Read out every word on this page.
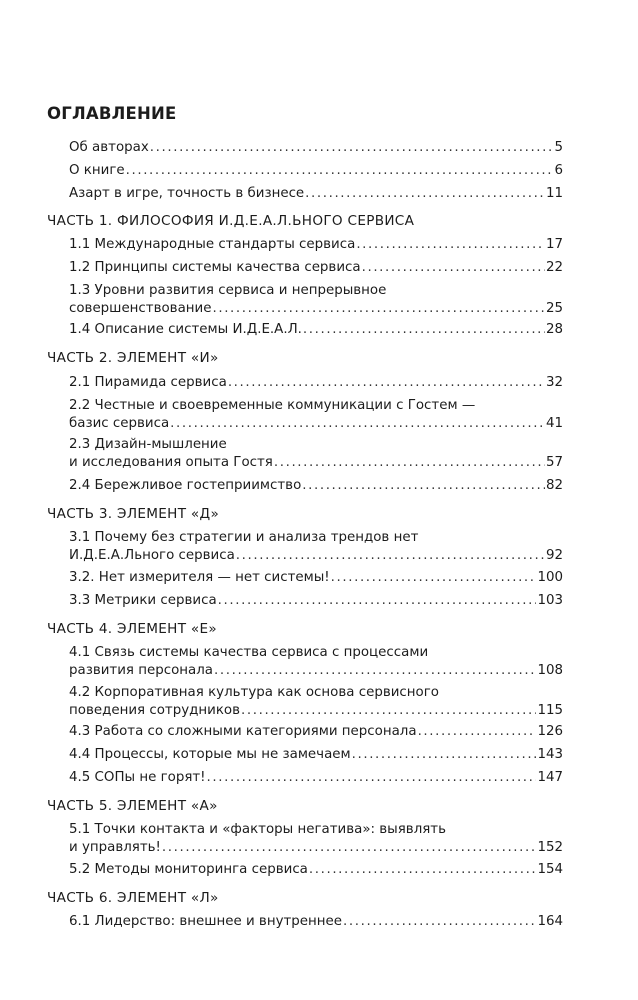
ОГЛАВЛЕНИЕ
Об авторах .....	5
О книге .....	6
Азарт в игре, точность в бизнесе .....	11
ЧАСТЬ 1. ФИЛОСОФИЯ И.Д.Е.А.Л.ЬНОГО СЕРВИСА
1.1 Международные стандарты сервиса .....	17
1.2 Принципы системы качества сервиса .....	22
1.3 Уровни развития сервиса и непрерывное
совершенствование .....	25
1.4 Описание системы И.Д.Е.А.Л. .....	28
ЧАСТЬ 2. ЭЛЕМЕНТ «И»
2.1 Пирамида сервиса .....	32
2.2 Честные и своевременные коммуникации с Гостем —
базис сервиса .....	41
2.3 Дизайн-мышление
и исследования опыта Гостя .....	57
2.4 Бережливое гостеприимство .....	82
ЧАСТЬ 3. ЭЛЕМЕНТ «Д»
3.1 Почему без стратегии и анализа трендов нет
И.Д.Е.А.Льного сервиса .....	92
3.2. Нет измерителя — нет системы! .....	100
3.3 Метрики сервиса .....	103
ЧАСТЬ 4. ЭЛЕМЕНТ «Е»
4.1 Связь системы качества сервиса с процессами
развития персонала .....	108
4.2 Корпоративная культура как основа сервисного
поведения сотрудников .....	115
4.3 Работа со сложными категориями персонала .....	126
4.4 Процессы, которые мы не замечаем .....	143
4.5 СОПы не горят! .....	147
ЧАСТЬ 5. ЭЛЕМЕНТ «А»
5.1 Точки контакта и «факторы негатива»: выявлять
и управлять! .....	152
5.2 Методы мониторинга сервиса .....	154
ЧАСТЬ 6. ЭЛЕМЕНТ «Л»
6.1 Лидерство: внешнее и внутреннее .....	164
